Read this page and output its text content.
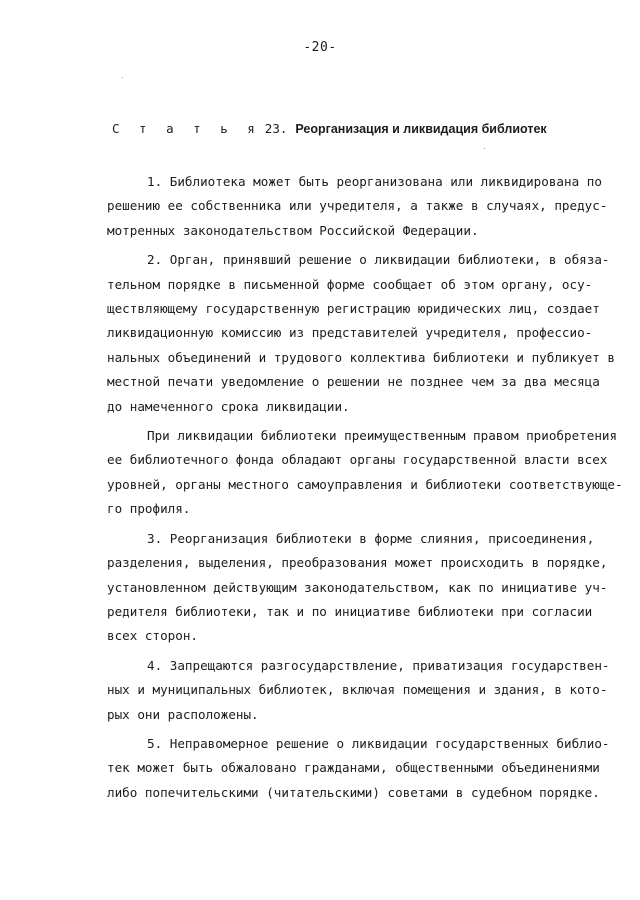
-20-
С т а т ь я 23. Реорганизация и ликвидация библиотек
1. Библиотека может быть реорганизована или ликвидирована по
решению ее собственника или учредителя, а также в случаях, предус-
мотренных законодательством Российской Федерации.
2. Орган, принявший решение о ликвидации библиотеки, в обяза-
тельном порядке в письменной форме сообщает об этом органу, осу-
ществляющему государственную регистрацию юридических лиц, создает
ликвидационную комиссию из представителей учредителя, профессио-
нальных объединений и трудового коллектива библиотеки и публикует в
местной печати уведомление о решении не позднее чем за два месяца
до намеченного срока ликвидации.
При ликвидации библиотеки преимущественным правом приобретения
ее библиотечного фонда обладают органы государственной власти всех
уровней, органы местного самоуправления и библиотеки соответствующе-
го профиля.
3. Реорганизация библиотеки в форме слияния, присоединения,
разделения, выделения, преобразования может происходить в порядке,
установленном действующим законодательством, как по инициативе уч-
редителя библиотеки, так и по инициативе библиотеки при согласии
всех сторон.
4. Запрещаются разгосударствление, приватизация государствен-
ных и муниципальных библиотек, включая помещения и здания, в кото-
рых они расположены.
5. Неправомерное решение о ликвидации государственных библио-
тек может быть обжаловано гражданами, общественными объединениями
либо попечительскими (читательскими) советами в судебном порядке.
